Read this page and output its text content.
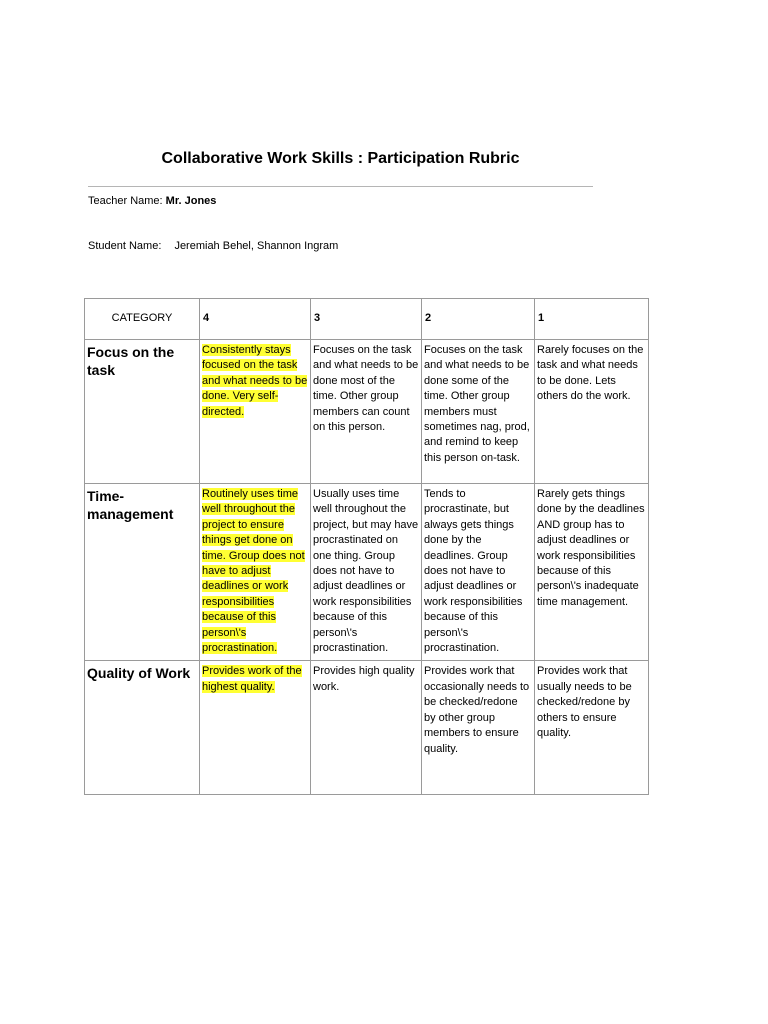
Collaborative Work Skills : Participation Rubric
Teacher Name: Mr. Jones
Student Name: Jeremiah Behel, Shannon Ingram
CATEGORY	4	3	2	1
Focus on the task	Consistently stays focused on the task and what needs to be done. Very self-directed.	Focuses on the task and what needs to be done most of the time. Other group members can count on this person.	Focuses on the task and what needs to be done some of the time. Other group members must sometimes nag, prod, and remind to keep this person on-task.	Rarely focuses on the task and what needs to be done. Lets others do the work.
Time-management	Routinely uses time well throughout the project to ensure things get done on time. Group does not have to adjust deadlines or work responsibilities because of this person\'s procrastination.	Usually uses time well throughout the project, but may have procrastinated on one thing. Group does not have to adjust deadlines or work responsibilities because of this person\'s procrastination.	Tends to procrastinate, but always gets things done by the deadlines. Group does not have to adjust deadlines or work responsibilities because of this person\'s procrastination.	Rarely gets things done by the deadlines AND group has to adjust deadlines or work responsibilities because of this person\'s inadequate time management.
Quality of Work	Provides work of the highest quality.	Provides high quality work.	Provides work that occasionally needs to be checked/redone by other group members to ensure quality.	Provides work that usually needs to be checked/redone by others to ensure quality.
